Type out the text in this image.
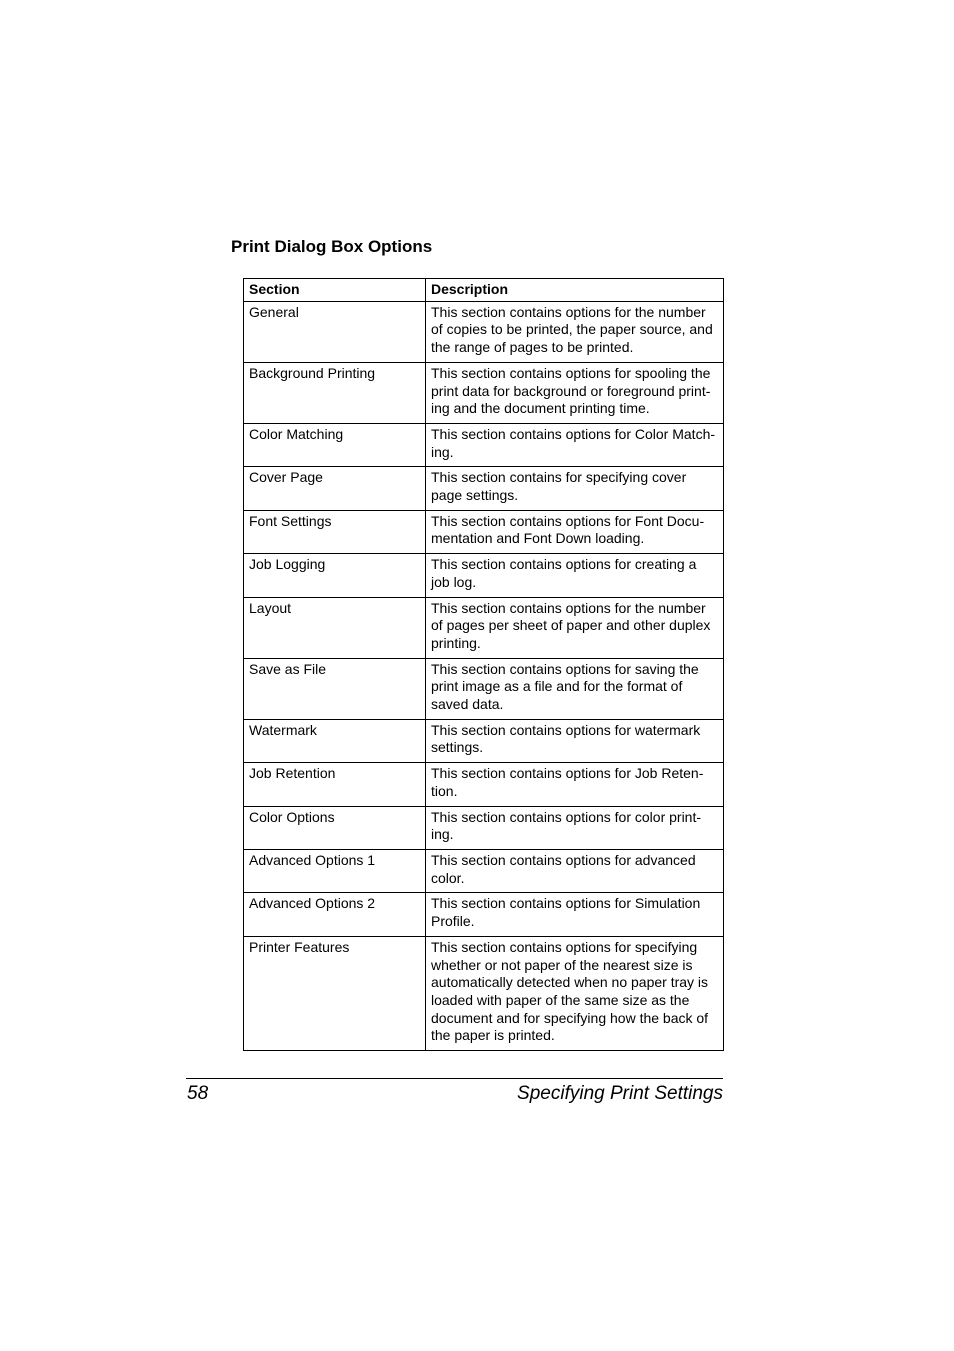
Print Dialog Box Options
Section	Description
General	This section contains options for the number of copies to be printed, the paper source, and the range of pages to be printed.
Background Printing	This section contains options for spooling the print data for background or foreground print-ing and the document printing time.
Color Matching	This section contains options for Color Match-ing.
Cover Page	This section contains for specifying cover page settings.
Font Settings	This section contains options for Font Docu-mentation and Font Down loading.
Job Logging	This section contains options for creating a job log.
Layout	This section contains options for the number of pages per sheet of paper and other duplex printing.
Save as File	This section contains options for saving the print image as a file and for the format of saved data.
Watermark	This section contains options for watermark settings.
Job Retention	This section contains options for Job Reten-tion.
Color Options	This section contains options for color print-ing.
Advanced Options 1	This section contains options for advanced color.
Advanced Options 2	This section contains options for Simulation Profile.
Printer Features	This section contains options for specifying whether or not paper of the nearest size is automatically detected when no paper tray is loaded with paper of the same size as the document and for specifying how the back of the paper is printed.
58	Specifying Print Settings
